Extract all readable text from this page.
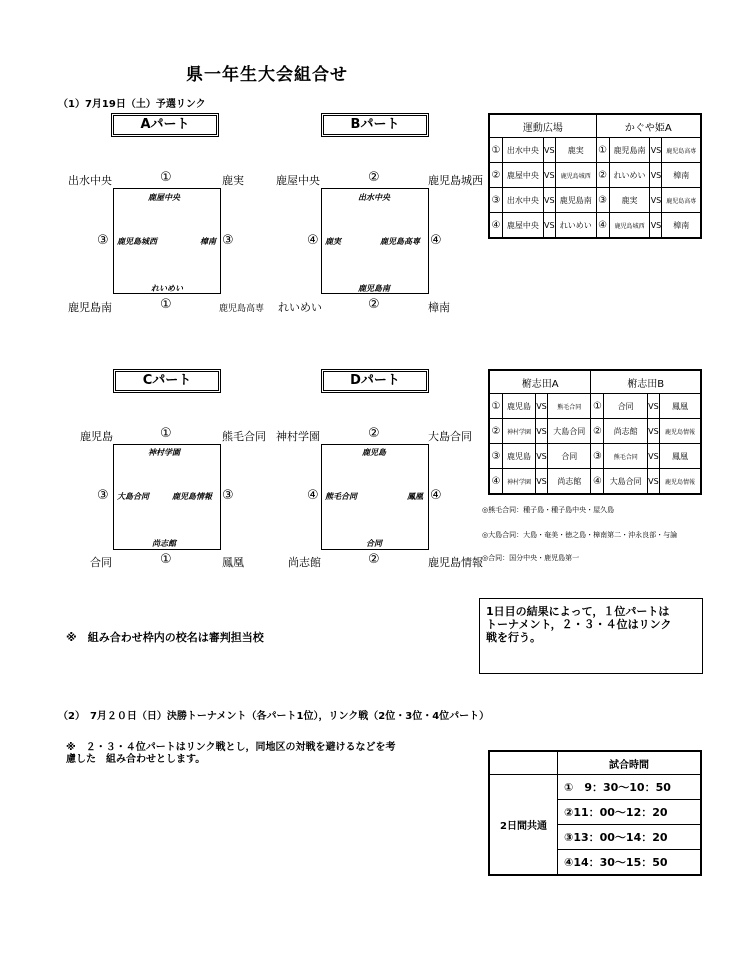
県一年生大会組合せ
（1）7月19日（土）予選リンク
Aパート
出水中央	①	鹿実
鹿屋中央
鹿児島城西	樟南
れいめい
③	③
鹿児島南	①	鹿児島高専
Bパート
鹿屋中央	②	鹿児島城西
出水中央
鹿実	鹿児島高専
鹿児島南
④	④
れいめい	②	樟南
運動広場				かぐや姫A			
①	出水中央	VS	鹿実	①	鹿児島南	VS	鹿児島高専
②	鹿屋中央	VS	鹿児島城西	②	れいめい	VS	樟南
③	出水中央	VS	鹿児島南	③	鹿実	VS	鹿児島高専
④	鹿屋中央	VS	れいめい	④	鹿児島城西	VS	樟南
Cパート
鹿児島	①	熊毛合同
神村学園
大島合同	鹿児島情報
尚志館
③	③
合同	①	鳳凰
Dパート
神村学園	②	大島合同
鹿児島
熊毛合同	鳳凰
合同
④	④
尚志館	②	鹿児島情報
椨志田A				椨志田B			
①	鹿児島	VS	熊毛合同	①	合同	VS	鳳凰
②	神村学園	VS	大島合同	②	尚志館	VS	鹿児島情報
③	鹿児島	VS	合同	③	熊毛合同	VS	鳳凰
④	神村学園	VS	尚志館	④	大島合同	VS	鹿児島情報
◎熊毛合同：種子島・種子島中央・屋久島
◎大島合同：大島・奄美・徳之島・樟南第二・沖永良部・与論
◎合同：国分中央・鹿児島第一
1日目の結果によって，１位パートは
トーナメント，２・３・４位はリンク
戦を行う。
※　組み合わせ枠内の校名は審判担当校
（2）　7月２０日（日）決勝トーナメント（各パート1位），リンク戦（2位・3位・4位パート）
※　２・３・４位パートはリンク戦とし，同地区の対戦を避けるなどを考
慮した　組み合わせとします。
		試合時間
2日間共通	①　9：30～10：50
	②11：00～12：20
	③13：00～14：20
	④14：30～15：50
